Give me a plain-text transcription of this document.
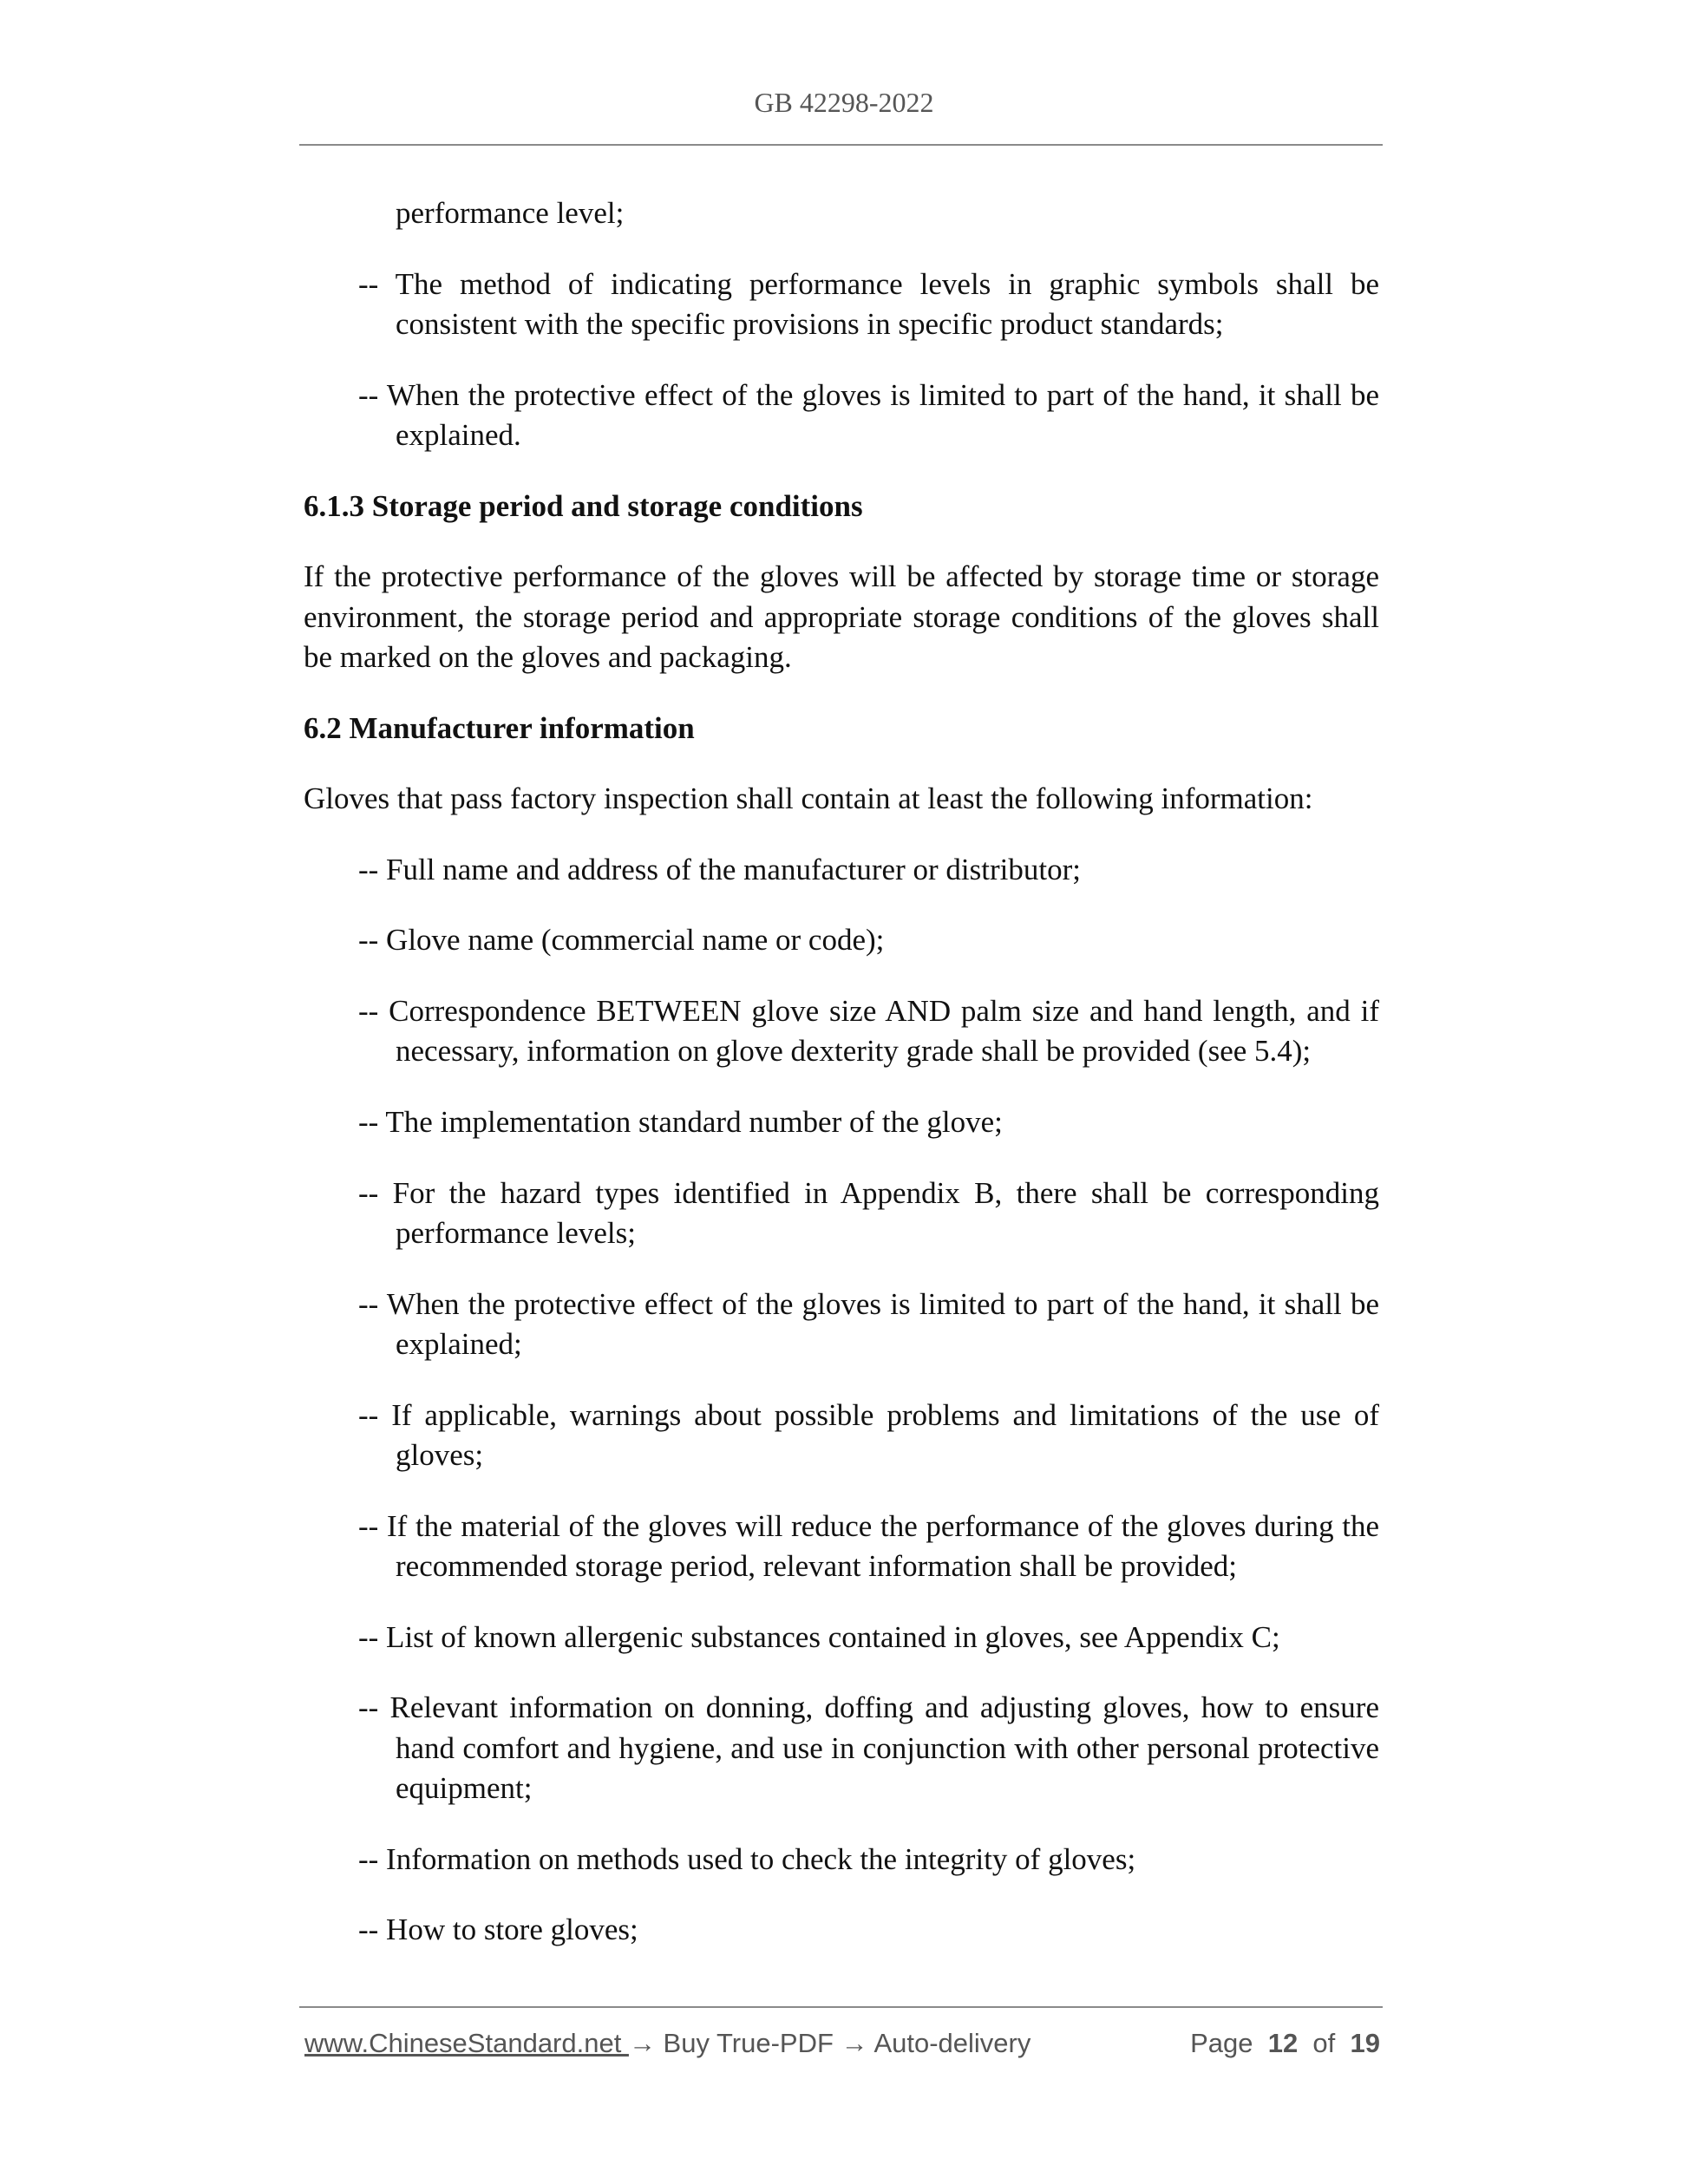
GB 42298-2022

performance level;

-- The method of indicating performance levels in graphic symbols shall be consistent with the specific provisions in specific product standards;

-- When the protective effect of the gloves is limited to part of the hand, it shall be explained.

6.1.3 Storage period and storage conditions

If the protective performance of the gloves will be affected by storage time or storage environment, the storage period and appropriate storage conditions of the gloves shall be marked on the gloves and packaging.

6.2 Manufacturer information

Gloves that pass factory inspection shall contain at least the following information:

-- Full name and address of the manufacturer or distributor;

-- Glove name (commercial name or code);

-- Correspondence BETWEEN glove size AND palm size and hand length, and if necessary, information on glove dexterity grade shall be provided (see 5.4);

-- The implementation standard number of the glove;

-- For the hazard types identified in Appendix B, there shall be corresponding performance levels;

-- When the protective effect of the gloves is limited to part of the hand, it shall be explained;

-- If applicable, warnings about possible problems and limitations of the use of gloves;

-- If the material of the gloves will reduce the performance of the gloves during the recommended storage period, relevant information shall be provided;

-- List of known allergenic substances contained in gloves, see Appendix C;

-- Relevant information on donning, doffing and adjusting gloves, how to ensure hand comfort and hygiene, and use in conjunction with other personal protective equipment;

-- Information on methods used to check the integrity of gloves;

-- How to store gloves;

www.ChineseStandard.net → Buy True-PDF → Auto-delivery	Page 12 of 19
